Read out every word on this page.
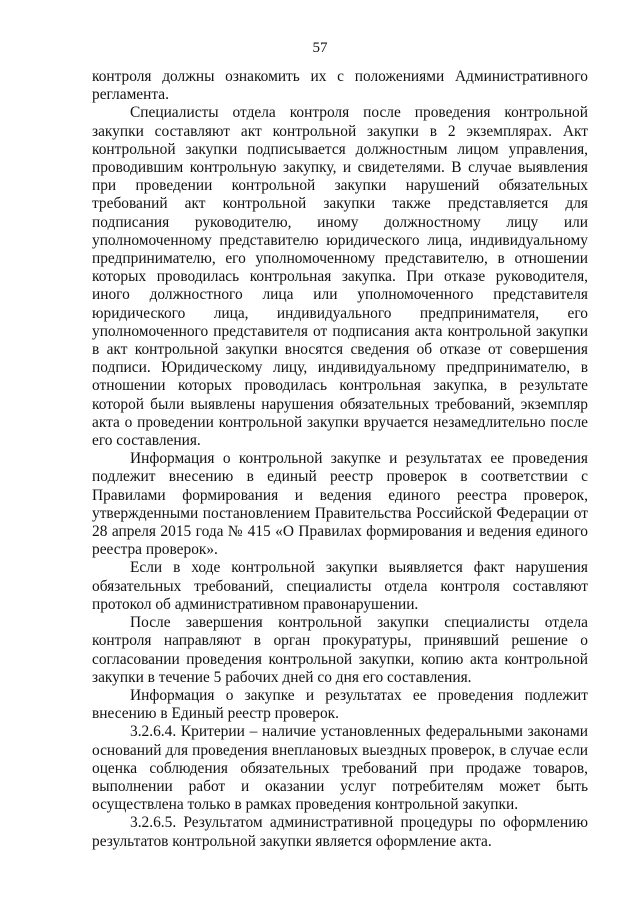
57

контроля должны ознакомить их с положениями Административного регламента.

Специалисты отдела контроля после проведения контрольной закупки составляют акт контрольной закупки в 2 экземплярах. Акт контрольной закупки подписывается должностным лицом управления, проводившим контрольную закупку, и свидетелями. В случае выявления при проведении контрольной закупки нарушений обязательных требований акт контрольной закупки также представляется для подписания руководителю, иному должностному лицу или уполномоченному представителю юридического лица, индивидуальному предпринимателю, его уполномоченному представителю, в отношении которых проводилась контрольная закупка. При отказе руководителя, иного должностного лица или уполномоченного представителя юридического лица, индивидуального предпринимателя, его уполномоченного представителя от подписания акта контрольной закупки в акт контрольной закупки вносятся сведения об отказе от совершения подписи. Юридическому лицу, индивидуальному предпринимателю, в отношении которых проводилась контрольная закупка, в результате которой были выявлены нарушения обязательных требований, экземпляр акта о проведении контрольной закупки вручается незамедлительно после его составления.

Информация о контрольной закупке и результатах ее проведения подлежит внесению в единый реестр проверок в соответствии с Правилами формирования и ведения единого реестра проверок, утвержденными постановлением Правительства Российской Федерации от 28 апреля 2015 года № 415 «О Правилах формирования и ведения единого реестра проверок».

Если в ходе контрольной закупки выявляется факт нарушения обязательных требований, специалисты отдела контроля составляют протокол об административном правонарушении.

После завершения контрольной закупки специалисты отдела контроля направляют в орган прокуратуры, принявший решение о согласовании проведения контрольной закупки, копию акта контрольной закупки в течение 5 рабочих дней со дня его составления.

Информация о закупке и результатах ее проведения подлежит внесению в Единый реестр проверок.

3.2.6.4. Критерии – наличие установленных федеральными законами оснований для проведения внеплановых выездных проверок, в случае если оценка соблюдения обязательных требований при продаже товаров, выполнении работ и оказании услуг потребителям может быть осуществлена только в рамках проведения контрольной закупки.

3.2.6.5. Результатом административной процедуры по оформлению результатов контрольной закупки является оформление акта.
